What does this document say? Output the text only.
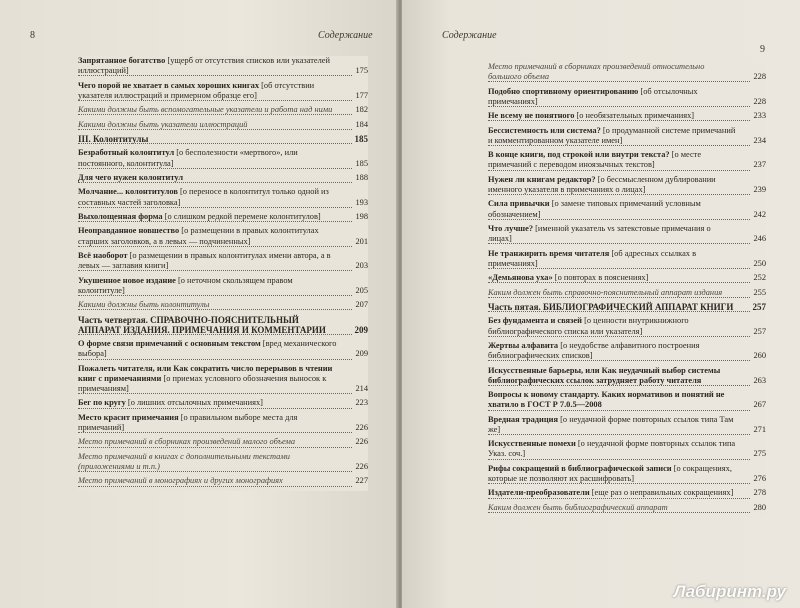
8	Содержание
Запрятанное богатство [ущерб от отсутствия списков или указателей иллюстраций]	175
Чего порой не хватает в самых хороших книгах [об отсутствии указателя иллюстраций и примерном образце его]	177
Какими должны быть вспомогательные указатели и работа над ними	182
Какими должны быть указатели иллюстраций	184
III. Колонтитулы	185
Безработный колонтитул [о бесполезности «мертвого», или постоянного, колонтитула]	185
Для чего нужен колонтитул	188
Молчание... колонтитулов [о переносе в колонтитул только одной из составных частей заголовка]	193
Выхолощенная форма [о слишком редкой перемене колонтитулов]	198
Неоправданное новшество [о размещении в правых колонтитулах старших заголовков, а в левых — подчиненных]	201
Всё наоборот [о размещении в правых колонтитулах имени автора, а в левых — заглавия книги]	203
Укушенное новое издание [о неточном скользящем правом колонтитуле]	205
Какими должны быть колонтитулы	207
Часть четвертая. СПРАВОЧНО-ПОЯСНИТЕЛЬНЫЙ АППАРАТ ИЗДАНИЯ. ПРИМЕЧАНИЯ И КОММЕНТАРИИ	209
О форме связи примечаний с основным текстом [вред механического выбора]	209
Пожалеть читателя, или Как сократить число перерывов в чтении книг с примечаниями [о приемах условного обозначения выносок к примечаниям]	214
Бег по кругу [о лишних отсылочных примечаниях]	223
Место красит примечания [о правильном выборе места для примечаний]	226
Место примечаний в сборниках произведений малого объема	226
Место примечаний в книгах с дополнительными текстами (приложениями и т.п.)	226
Место примечаний в монографиях и других монографиях	227
Содержание
9
Место примечаний в сборниках произведений относительно большого объема	228
Подобно спортивному ориентированию [об отсылочных примечаниях]	228
Не всему не понятного [о необязательных примечаниях]	233
Бессистемность или система? [о продуманной системе примечаний и комментированном указателе имен]	234
В конце книги, под строкой или внутри текста? [о месте примечаний с переводом иноязычных текстов]	237
Нужен ли книгам редактор? [о бессмысленном дублировании именного указателя в примечаниях о лицах]	239
Сила привычки [о замене типовых примечаний условным обозначением]	242
Что лучше? [именной указатель vs затекстовые примечания о лицах]	246
Не транжирить время читателя [об адресных ссылках в примечаниях]	250
«Демьянова уха» [о повторах в пояснениях]	252
Каким должен быть справочно-пояснительный аппарат издания	255
Часть пятая. БИБЛИОГРАФИЧЕСКИЙ АППАРАТ КНИГИ	257
Без фундамента и связей [о ценности внутрикнижного библиографического списка или указателя]	257
Жертвы алфавита [о неудобстве алфавитного построения библиографических списков]	260
Искусственные барьеры, или Как неудачный выбор системы библиографических ссылок затрудняет работу читателя	263
Вопросы к новому стандарту. Каких нормативов и понятий не хватило в ГОСТ Р 7.0.5—2008	267
Вредная традиция [о неудачной форме повторных ссылок типа Там же]	271
Искусственные помехи [о неудачной форме повторных ссылок типа Указ. соч.]	275
Рифы сокращений в библиографической записи [о сокращениях, которые не позволяют их расшифровать]	276
Издатели-преобразователи [еще раз о неправильных сокращениях]	278
Каким должен быть библиографический аппарат	280
Лабиринт.ру
